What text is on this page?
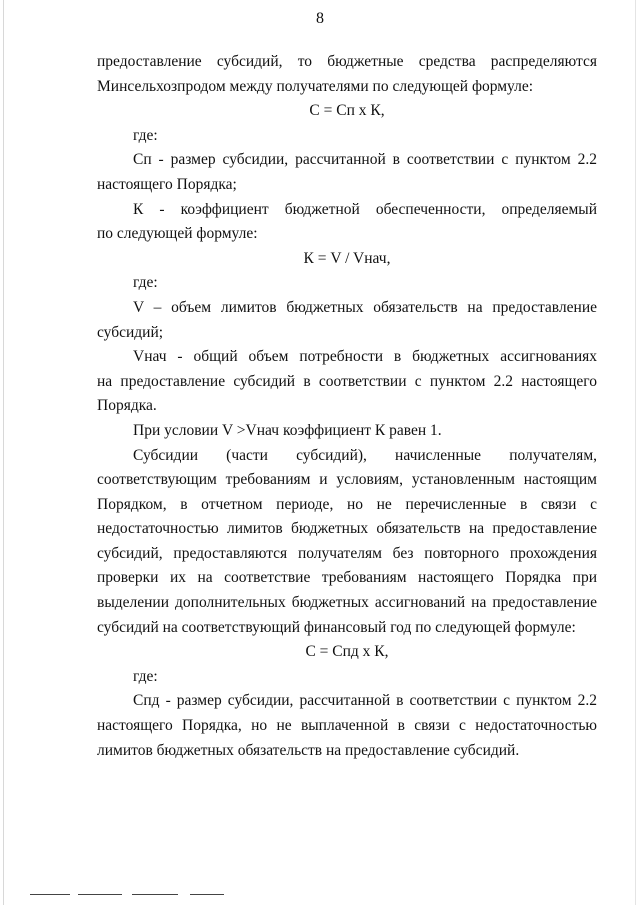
8

предоставление субсидий, то бюджетные средства распределяются

Минсельхозпродом между получателями по следующей формуле:

С = Сп х К,

где:

Сп - размер субсидии, рассчитанной в соответствии с пунктом 2.2

настоящего Порядка;

К - коэффициент бюджетной обеспеченности, определяемый

по следующей формуле:

К = V / Vнач,

где:

V – объем лимитов бюджетных обязательств на предоставление

субсидий;

Vнач - общий объем потребности в бюджетных ассигнованиях

на предоставление субсидий в соответствии с пунктом 2.2 настоящего

Порядка.

При условии V >Vнач коэффициент К равен 1.

Субсидии (части субсидий), начисленные получателям,

соответствующим требованиям и условиям, установленным настоящим

Порядком, в отчетном периоде, но не перечисленные в связи с

недостаточностью лимитов бюджетных обязательств на предоставление

субсидий, предоставляются получателям без повторного прохождения

проверки их на соответствие требованиям настоящего Порядка при

выделении дополнительных бюджетных ассигнований на предоставление

субсидий на соответствующий финансовый год по следующей формуле:

С = Спд х К,

где:

Спд - размер субсидии, рассчитанной в соответствии с пунктом 2.2

настоящего Порядка, но не выплаченной в связи с недостаточностью

лимитов бюджетных обязательств на предоставление субсидий.
